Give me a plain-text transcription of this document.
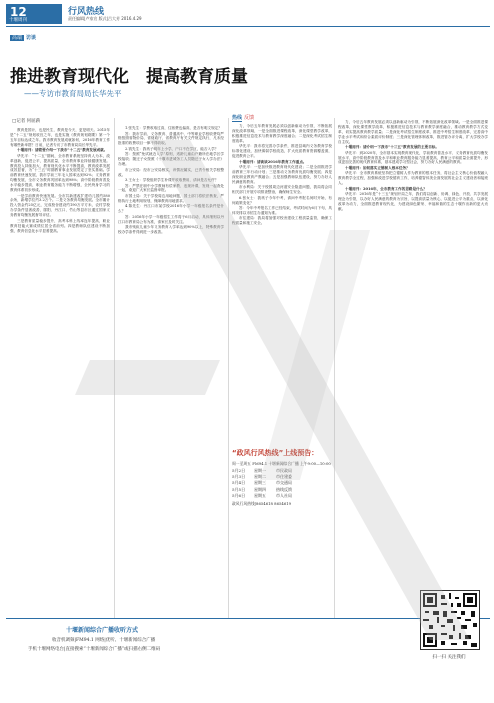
12
十堰周刊
行风热线
责任编辑|卢家宣 版式|吕大芳 2016.4.29
高端 访谈
推进教育现代化　提高教育质量
——专访市教育局局长华先平
□记者 何屈薪

教育是国计，也是民生，教育是今天，更是明天。2015年是“十二五”规划收官之年，也是实施《教育规划纲要》第一个五年目标达成之年。我市教育发展成就如何，2016年教育工作有哪些新举措？日前，记者专访了市教育局局长华先平。

十堰周刊：请简要介绍一下我市“十二五”教育发展成就。

华先平：“十二五”期间，全市教育系统坚持育人为本，改革创新，促进公平，提高质量，全市教育事业持续健康发展。教育投入持续加大，教育现代化水平不断提高，教育改革发展成效显著，为“十三五”时期教育事业发展奠定了坚实基础。学前教育快速发展，我市学前三年毛入园率达到92%；义务教育均衡发展，全市义务教育巩固率达到98%；高中阶段教育普及水平稳步提高，职业教育服务能力不断增强，全民终身学习的教育体系初步形成。

一是学前教育快速发展。全市共新建改扩建幼儿园约580余所，新增学位约3.2万个。二是义务教育均衡发展。全市累计投入资金约25亿元，完成校舍建设约190万平方米，农村学校办学条件显著改善，郧阳、丹江口、竹山等县市区通过国家义务教育均衡发展督导评估。

三是教育质量稳步提升，高考本科上线率连年提高，职业教育技能大赛成绩位居全省前列。四是教师队伍建设不断加强，教育信息化水平显著提高。

1.张先生：学费收取过高，住宿费也偏高，是否有明文规定？

答：我市学前、义务教育、普通高中、中等职业学校收费均严格按照省物价局、省财政厅、省教育厅有关文件规定执行，凡未经批准的收费项目一律不得收取。

2.钱先生：我孩子明年上小学，户口不在学区，能否入学？

答：按照“免试就近入学”原则，适龄儿童由户籍所在地学区学校接收；随迁子女按照《十堰市进城务工人员随迁子女入学办法》办理。

市公安局：经市公安局核实，该情况属实，已责令相关学校整改。

3.王女士：学校组织学生补课并收取费用，请问是否允许？

答：严禁在职中小学教师有偿家教、违规补课，发现一起查处一起，欢迎广大家长监督举报。

市国土局：关于学校周边用地问题，国土部门将依法核查，严格执行土地利用规划，保障教育用地需求。

4.陈先生：丹江口市某学校2016年小学一年级报名条件是什么？

答：2016年小学一年级招生工作将于6月启动，具体细则以丹江口市教育局公布为准，请家长及时关注。

我市残疾儿童少年义务教育入学率达到90%以上，特殊教育学校办学条件得到进一步改善。

热线 反馈

力，今后五年教育发展必须以创新驱动为引领，不断拓展深化改革领域，一是全面推进课程改革，深化课堂教学改革，积极推进信息技术与教育教学深度融合；二是深化考试招生制度改革。

华先平：我市将完善办学条件，推进县域内义务教育学校标准化建设，加快薄弱学校改造，扩大优质教育资源覆盖面，促进教育公平。

十堰周刊：请谈谈2016年教育工作重点。

华先平：一是加快推进教育现代化建设；二是全面推进学前教育三年行动计划；三是推动义务教育优质均衡发展；四是深化职业教育产教融合；五是加强教师队伍建设，努力办好人民满意的教育。

市水利局：关于校园周边河道安全隐患问题，我局将会同相关部门开展专项排查整治，确保师生安全。

6.张女士：我孩子今年中考，请问中考报名何时开始，有何政策变化？

答：今年中考报名工作已经结束，考试时间为6月下旬，具体安排以市招生办通知为准。

市住建局：我局将加强对校舍建设工程质量监管，确保工程质量和施工安全。

力，今后五年教育发展必须以创新驱动为引领，不断拓展深化改革领域。一是全面推进课程改革，深化课堂教学改革，积极推进信息技术与教育教学深度融合，推动教育教学方式变革，切实提高教育教学质量；二是深化考试招生制度改革，推进中考招生制度改革，完善高中学业水平考试和综合素质评价制度；三是深化管理体制改革，推进管办评分离，扩大学校办学自主权。

十堰周刊：请介绍一下我市“十三五”教育发展的主要目标。

华先平：到2020年，全市基本实现教育现代化，学前教育普及水平、义务教育优质均衡发展水平、高中阶段教育普及水平和职业教育服务能力显著提高，教育公平和质量全面提升，形成更加完善的现代教育体系，基本建成学习型社会，努力办好人民满意的教育。

十堰周刊：如何落实立德树人根本任务？

华先平：全市教育系统坚持把立德树人作为教育的根本任务，将社会主义核心价值观融入教育教学全过程，加强和改进学校德育工作，培养德智体美全面发展的社会主义建设者和接班人。

十堰周刊：2016年，全市教育工作的思路是什么？

华先平：2016年是“十三五”规划开局之年，我们将以创新、协调、绿色、开放、共享发展理念为引领，以办好人民满意的教育为宗旨，以提高质量为核心，以促进公平为重点，以深化改革为动力，全面推进教育现代化，为建设绿色繁荣、幸福和谐的生态十堰作出新的更大贡献。

“政风行风热线”上线预告：
周一至周五 FM94.1 十堰新闻综合广播 上午9:00—10:00
5月2日 星期一	市民政局
5月3日 星期二	市住建委
5月4日 星期三	市交通局
5月5日 星期四	热线反馈
5月6日 星期五	市人社局
政风行风热线|8654618 8654619
十堰新闻综合广播收听方式
收音机调频|FM94.1 网络|优听、十堰新闻综合广播
手机十堰网络电台|直接搜索“十堰新闻综合广播”或扫描右侧二维码
扫一扫 关注我们
